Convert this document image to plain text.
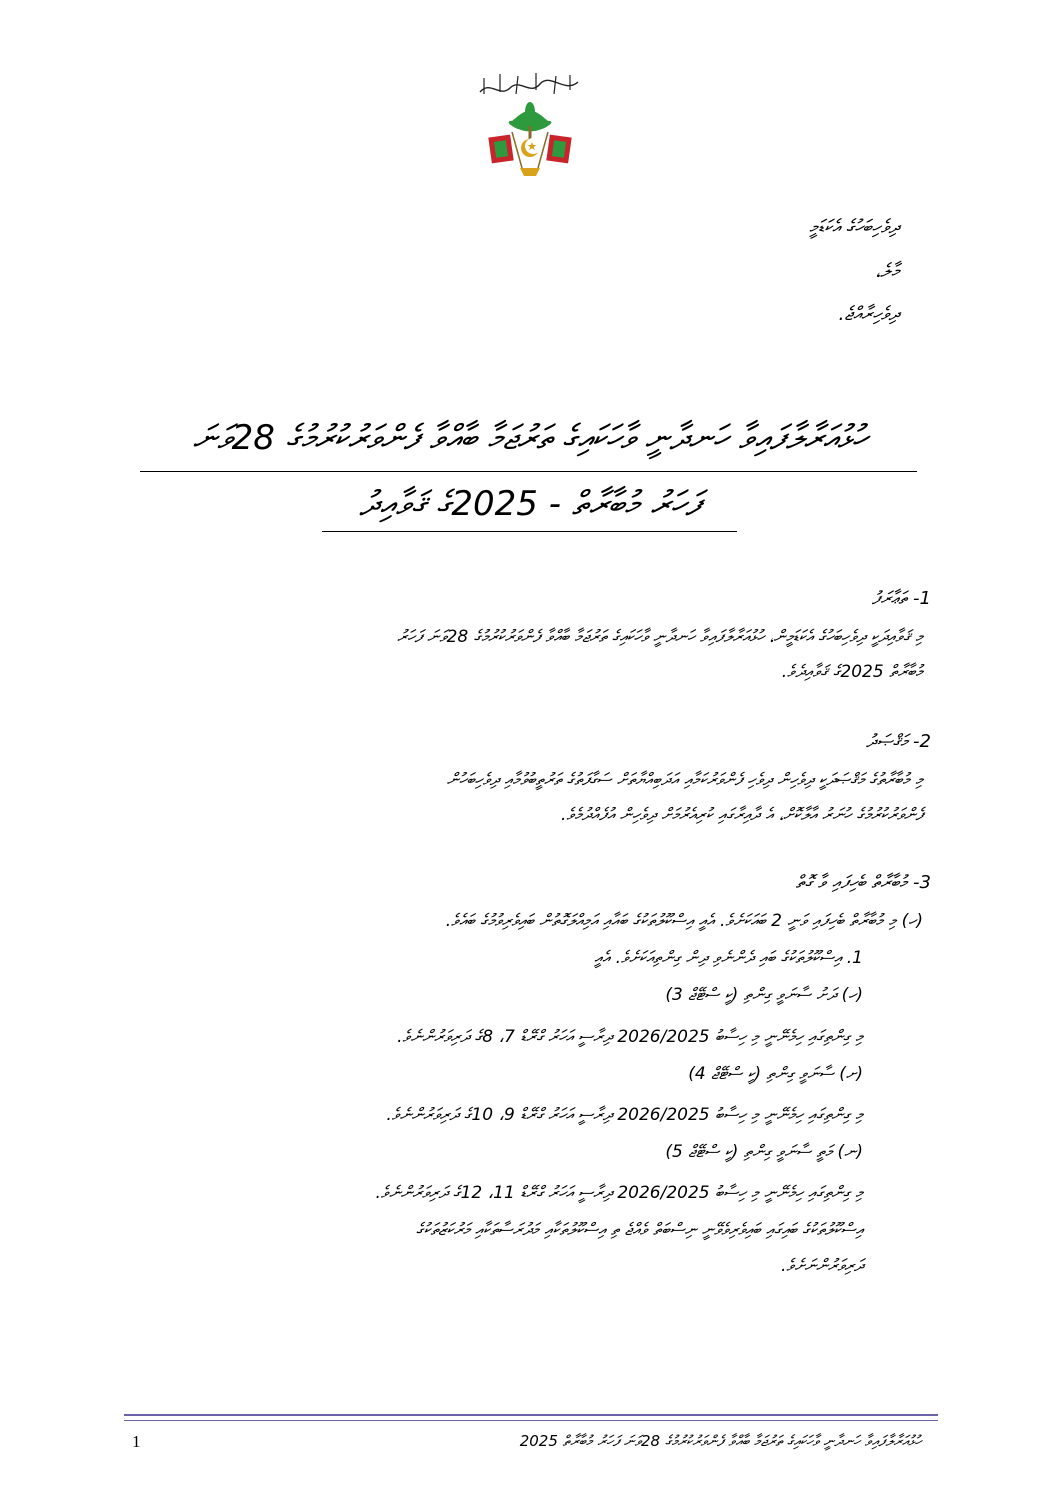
ދިވެހިބަހުގެ އެކަޑަމީ
މާލެ،
ދިވެހިރާއްޖެ.
ހުޅުއަރާލާފައިވާ ހަނދާނީ ވާހަކައިގެ ތަރުޖަމާ ބާއްވާ ފެންވަރުކުރުމުގެ 28ވަނަ
ފަހަރު މުބާރާތް - 2025ގެ ޤަވާއިދު
1- ތަޢާރަފު
މި ޤަވާއިދަކީ ދިވެހިބަހުގެ އެކަޑަމީން، ހުޅުއަރާލާފައިވާ ހަނދާނީ ވާހަކައިގެ ތަރުޖަމާ ބާއްވާ ފެންވަރުކުރުމުގެ 28ވަނަ ފަހަރު
މުބާރާތް 2025ގެ ޤަވާއިދެވެ.
2- މަޤްޞަދު
މި މުބާރާތުގެ މަޤްޞަދަކީ ދިވެހިން ދިވެހި ފެންވަރުކަމާއި އަދަބިއްޔާތަށް ސަގާފަތުގެ ތަރުތީބުވުމާއި ދިވެހިބަހުން
ފެންވަރުކުރުމުގެ ހުނަރު އާލާކޮށް، އެ ދާއިރާގައި ކުރިއެރުމަށް ދިވެހިން އުފެއްދުމެވެ.
3- މުބާރާތް ބެހިފައި ވާ ގޮތް
(ހ) މި މުބާރާތް ބެހިފައި ވަނީ 2 ބައަކަށެވެ. އެއީ އިސްކޫލުތަކުގެ ބައާއި އަމިއްލަގޮތުން ބައިވެރިވުމުގެ ބައެވެ.
1. އިސްކޫލުތަކުގެ ބައި ދެންނެވި ދިން ގިންތިއަކަށެވެ. އެއީ
(ހ) ދަށު ސާނަވީ ގިންތި (ކީ ސްޓޭޖް 3)
މި ގިންތިގައި ހިމެނޭނީ މި ހިސާބު 2026/2025 ދިރާސީ އަހަރު ގްރޭޑް 7، 8ގެ ދަރިވަރުންނެވެ.
(ށ) ސާނަވީ ގިންތި (ކީ ސްޓޭޖް 4)
މި ގިންތިގައި ހިމެނޭނީ މި ހިސާބު 2026/2025 ދިރާސީ އަހަރު ގްރޭޑް 9، 10ގެ ދަރިވަރުންނެވެ.
(ނ) މަތީ ސާނަވީ ގިންތި (ކީ ސްޓޭޖް 5)
މި ގިންތިގައި ހިމެނޭނީ މި ހިސާބު 2026/2025 ދިރާސީ އަހަރު ގްރޭޑް 11، 12ގެ ދަރިވަރުންނެވެ.
އިސްކޫލުތަކުގެ ބައިގައި ބައިވެރިވެވޭނީ ނިސްބަތް ވެއްޖެ ތި އިސްކޫލުތަކާއި މަދުރަސާތަކާއި މަރުކަޒުތަކުގެ
ދަރިވަރުންނަށެވެ.
1	ހުޅުއަރާލާފައިވާ ހަނދާނީ ވާހަކައިގެ ތަރުޖަމާ ބާއްވާ ފެންވަރުކުރުމުގެ 28ވަނަ ފަހަރު މުބާރާތް 2025
